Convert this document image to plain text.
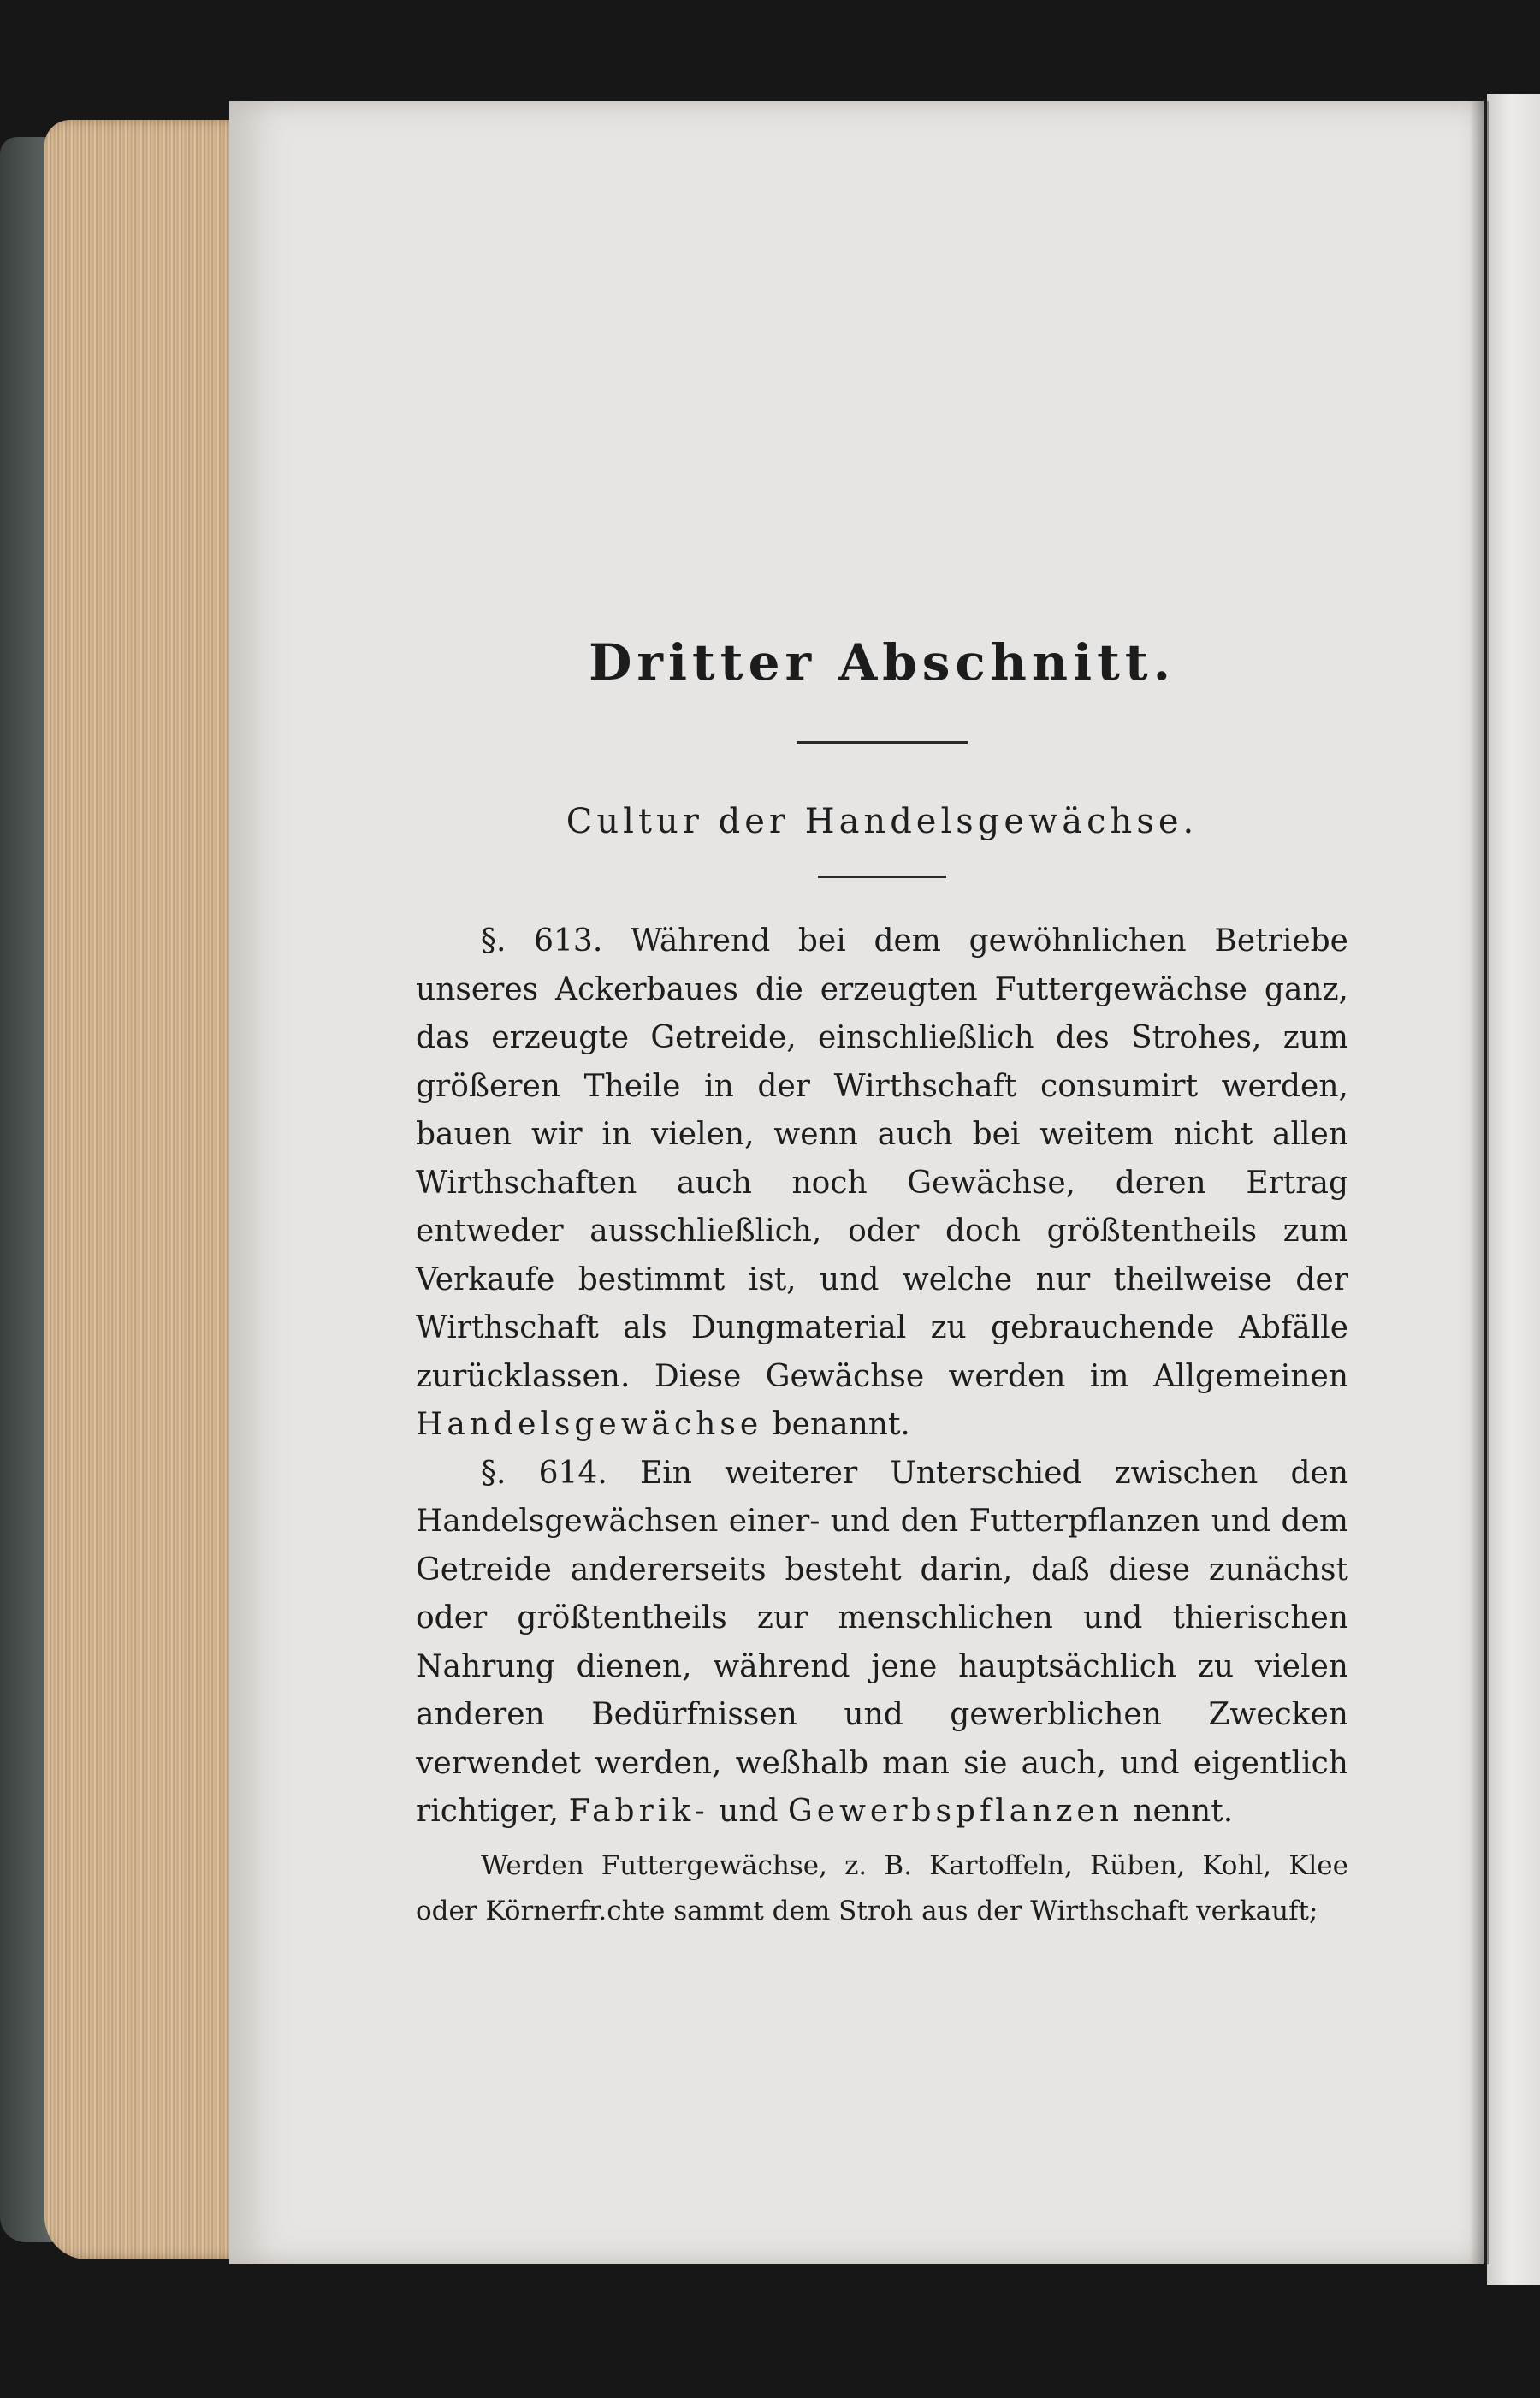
Dritter Abschnitt.
Cultur der Handelsgewächse.

§. 613. Während bei dem gewöhnlichen Betriebe unseres Ackerbaues die erzeugten Futtergewächse ganz, das erzeugte Getreide, einschließlich des Strohes, zum größeren Theile in der Wirthschaft consumirt werden, bauen wir in vielen, wenn auch bei weitem nicht allen Wirthschaften auch noch Gewächse, deren Ertrag entweder ausschließlich, oder doch größtentheils zum Verkaufe bestimmt ist, und welche nur theilweise der Wirthschaft als Dungmaterial zu gebrauchende Abfälle zurücklassen. Diese Gewächse werden im Allgemeinen Handelsgewächse benannt.

§. 614. Ein weiterer Unterschied zwischen den Handelsgewächsen einer- und den Futterpflanzen und dem Getreide andererseits besteht darin, daß diese zunächst oder größtentheils zur menschlichen und thierischen Nahrung dienen, während jene hauptsächlich zu vielen anderen Bedürfnissen und gewerblichen Zwecken verwendet werden, weßhalb man sie auch, und eigentlich richtiger, Fabrik- und Gewerbspflanzen nennt.

Werden Futtergewächse, z. B. Kartoffeln, Rüben, Kohl, Klee oder Körnerfr.chte sammt dem Stroh aus der Wirthschaft verkauft;
